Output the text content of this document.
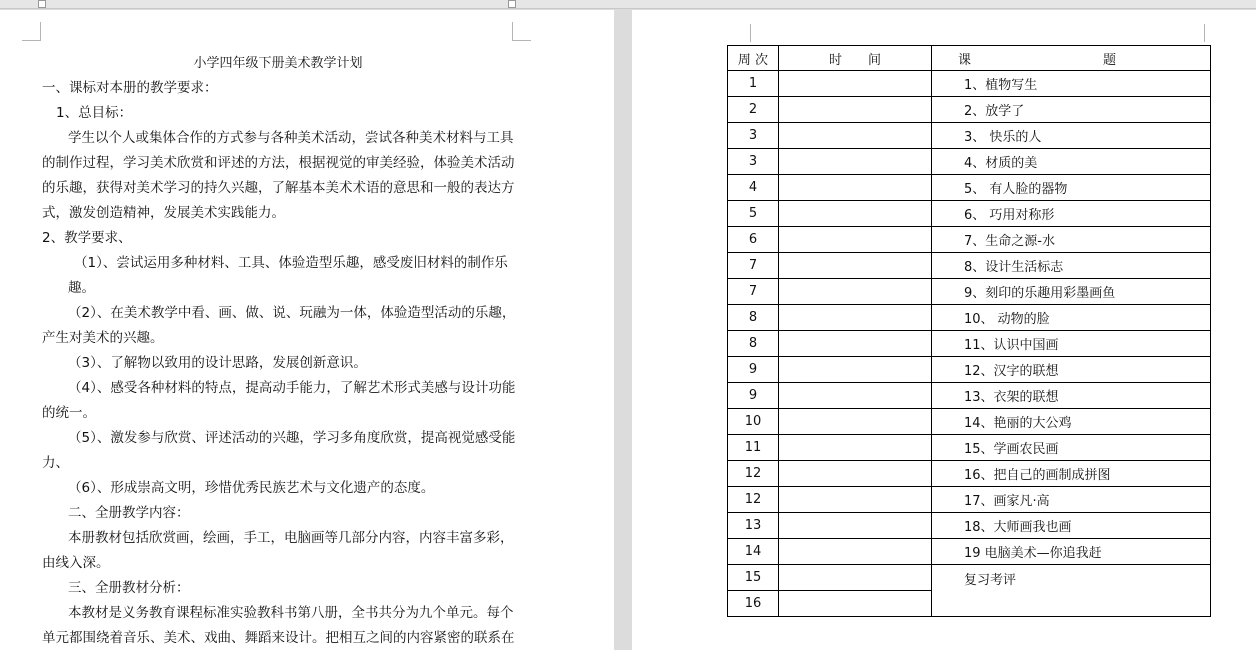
小学四年级下册美术教学计划
一、课标对本册的教学要求：
1、总目标：
学生以个人或集体合作的方式参与各种美术活动，尝试各种美术材料与工具
的制作过程，学习美术欣赏和评述的方法，根据视觉的审美经验，体验美术活动
的乐趣，获得对美术学习的持久兴趣，了解基本美术术语的意思和一般的表达方
式，激发创造精神，发展美术实践能力。
2、教学要求、
（1）、尝试运用多种材料、工具、体验造型乐趣，感受废旧材料的制作乐
趣。
（2）、在美术教学中看、画、做、说、玩融为一体，体验造型活动的乐趣，
产生对美术的兴趣。
（3）、了解物以致用的设计思路，发展创新意识。
（4）、感受各种材料的特点，提高动手能力，了解艺术形式美感与设计功能
的统一。
（5）、激发参与欣赏、评述活动的兴趣，学习多角度欣赏，提高视觉感受能
力、
（6）、形成崇高文明，珍惜优秀民族艺术与文化遗产的态度。
二、全册教学内容：
本册教材包括欣赏画，绘画，手工，电脑画等几部分内容，内容丰富多彩，
由线入深。
三、全册教材分析：
本教材是义务教育课程标准实验教科书第八册，全书共分为九个单元。每个
单元都围绕着音乐、美术、戏曲、舞蹈来设计。把相互之间的内容紧密的联系在
周 次	时　　间	课 题
1		1、植物写生
2		2、放学了
3		3、 快乐的人
3		4、材质的美
4		5、 有人脸的器物
5		6、 巧用对称形
6		7、生命之源-水
7		8、设计生活标志
7		9、刻印的乐趣用彩墨画鱼
8		10、 动物的脸
8		11、认识中国画
9		12、汉字的联想
9		13、衣架的联想
10		14、艳丽的大公鸡
11		15、学画农民画
12		16、把自己的画制成拼图
12		17、画家凡·高
13		18、大师画我也画
14		19 电脑美术—你追我赶
15		复习考评
16		
